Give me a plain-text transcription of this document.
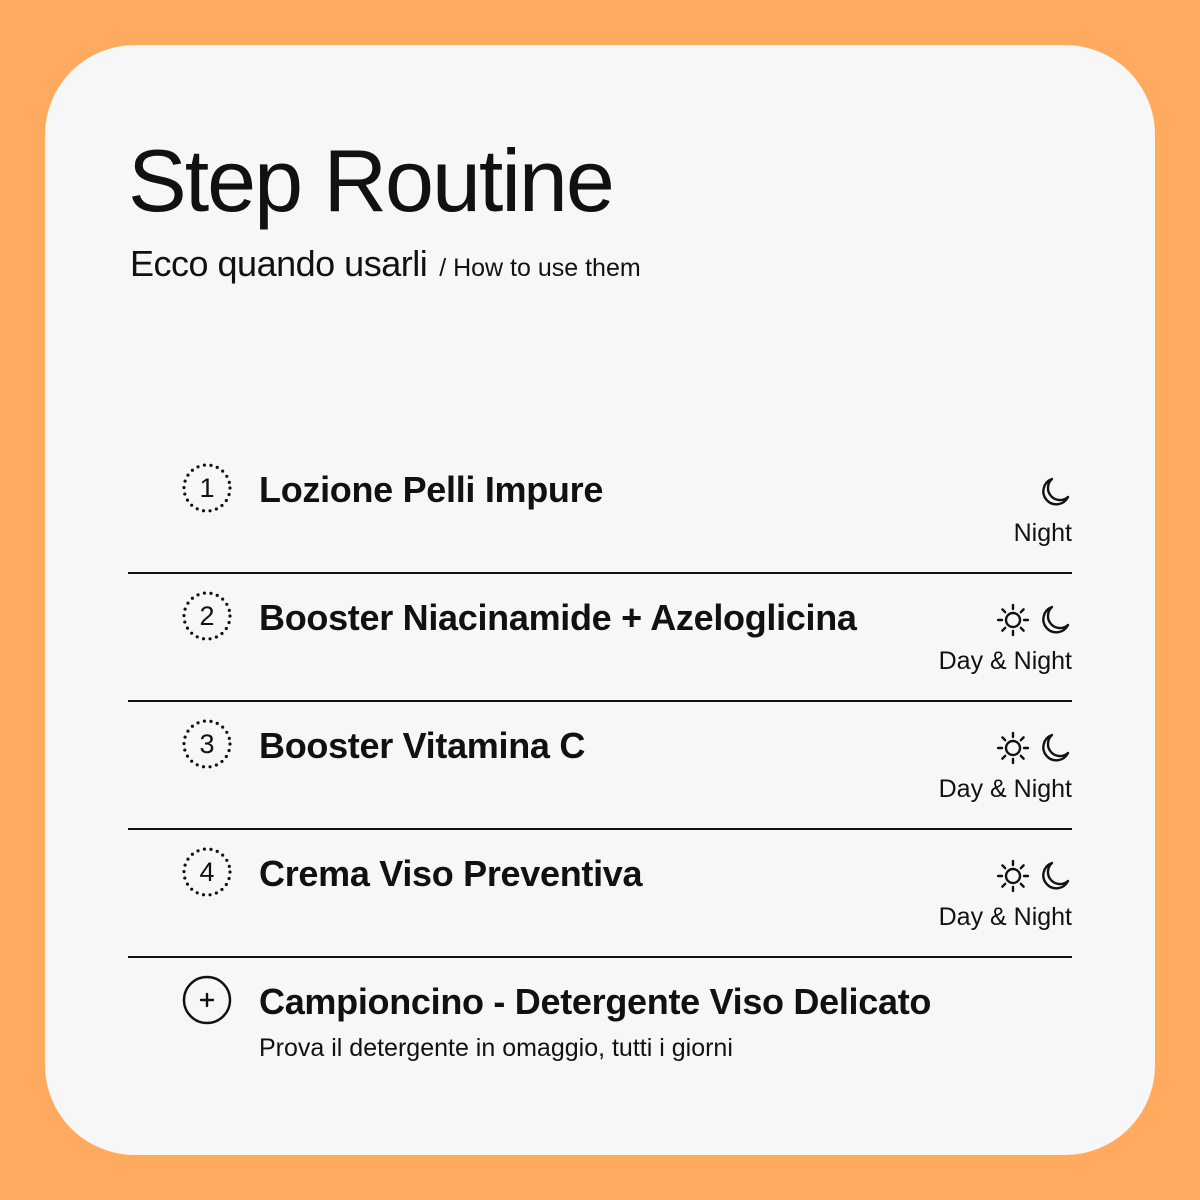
Step Routine
Ecco quando usarli / How to use them
1	Lozione Pelli Impure
Night
2	Booster Niacinamide + Azeloglicina
Day & Night
3	Booster Vitamina C
Day & Night
4	Crema Viso Preventiva
Day & Night
Campioncino - Detergente Viso Delicato
Prova il detergente in omaggio, tutti i giorni
